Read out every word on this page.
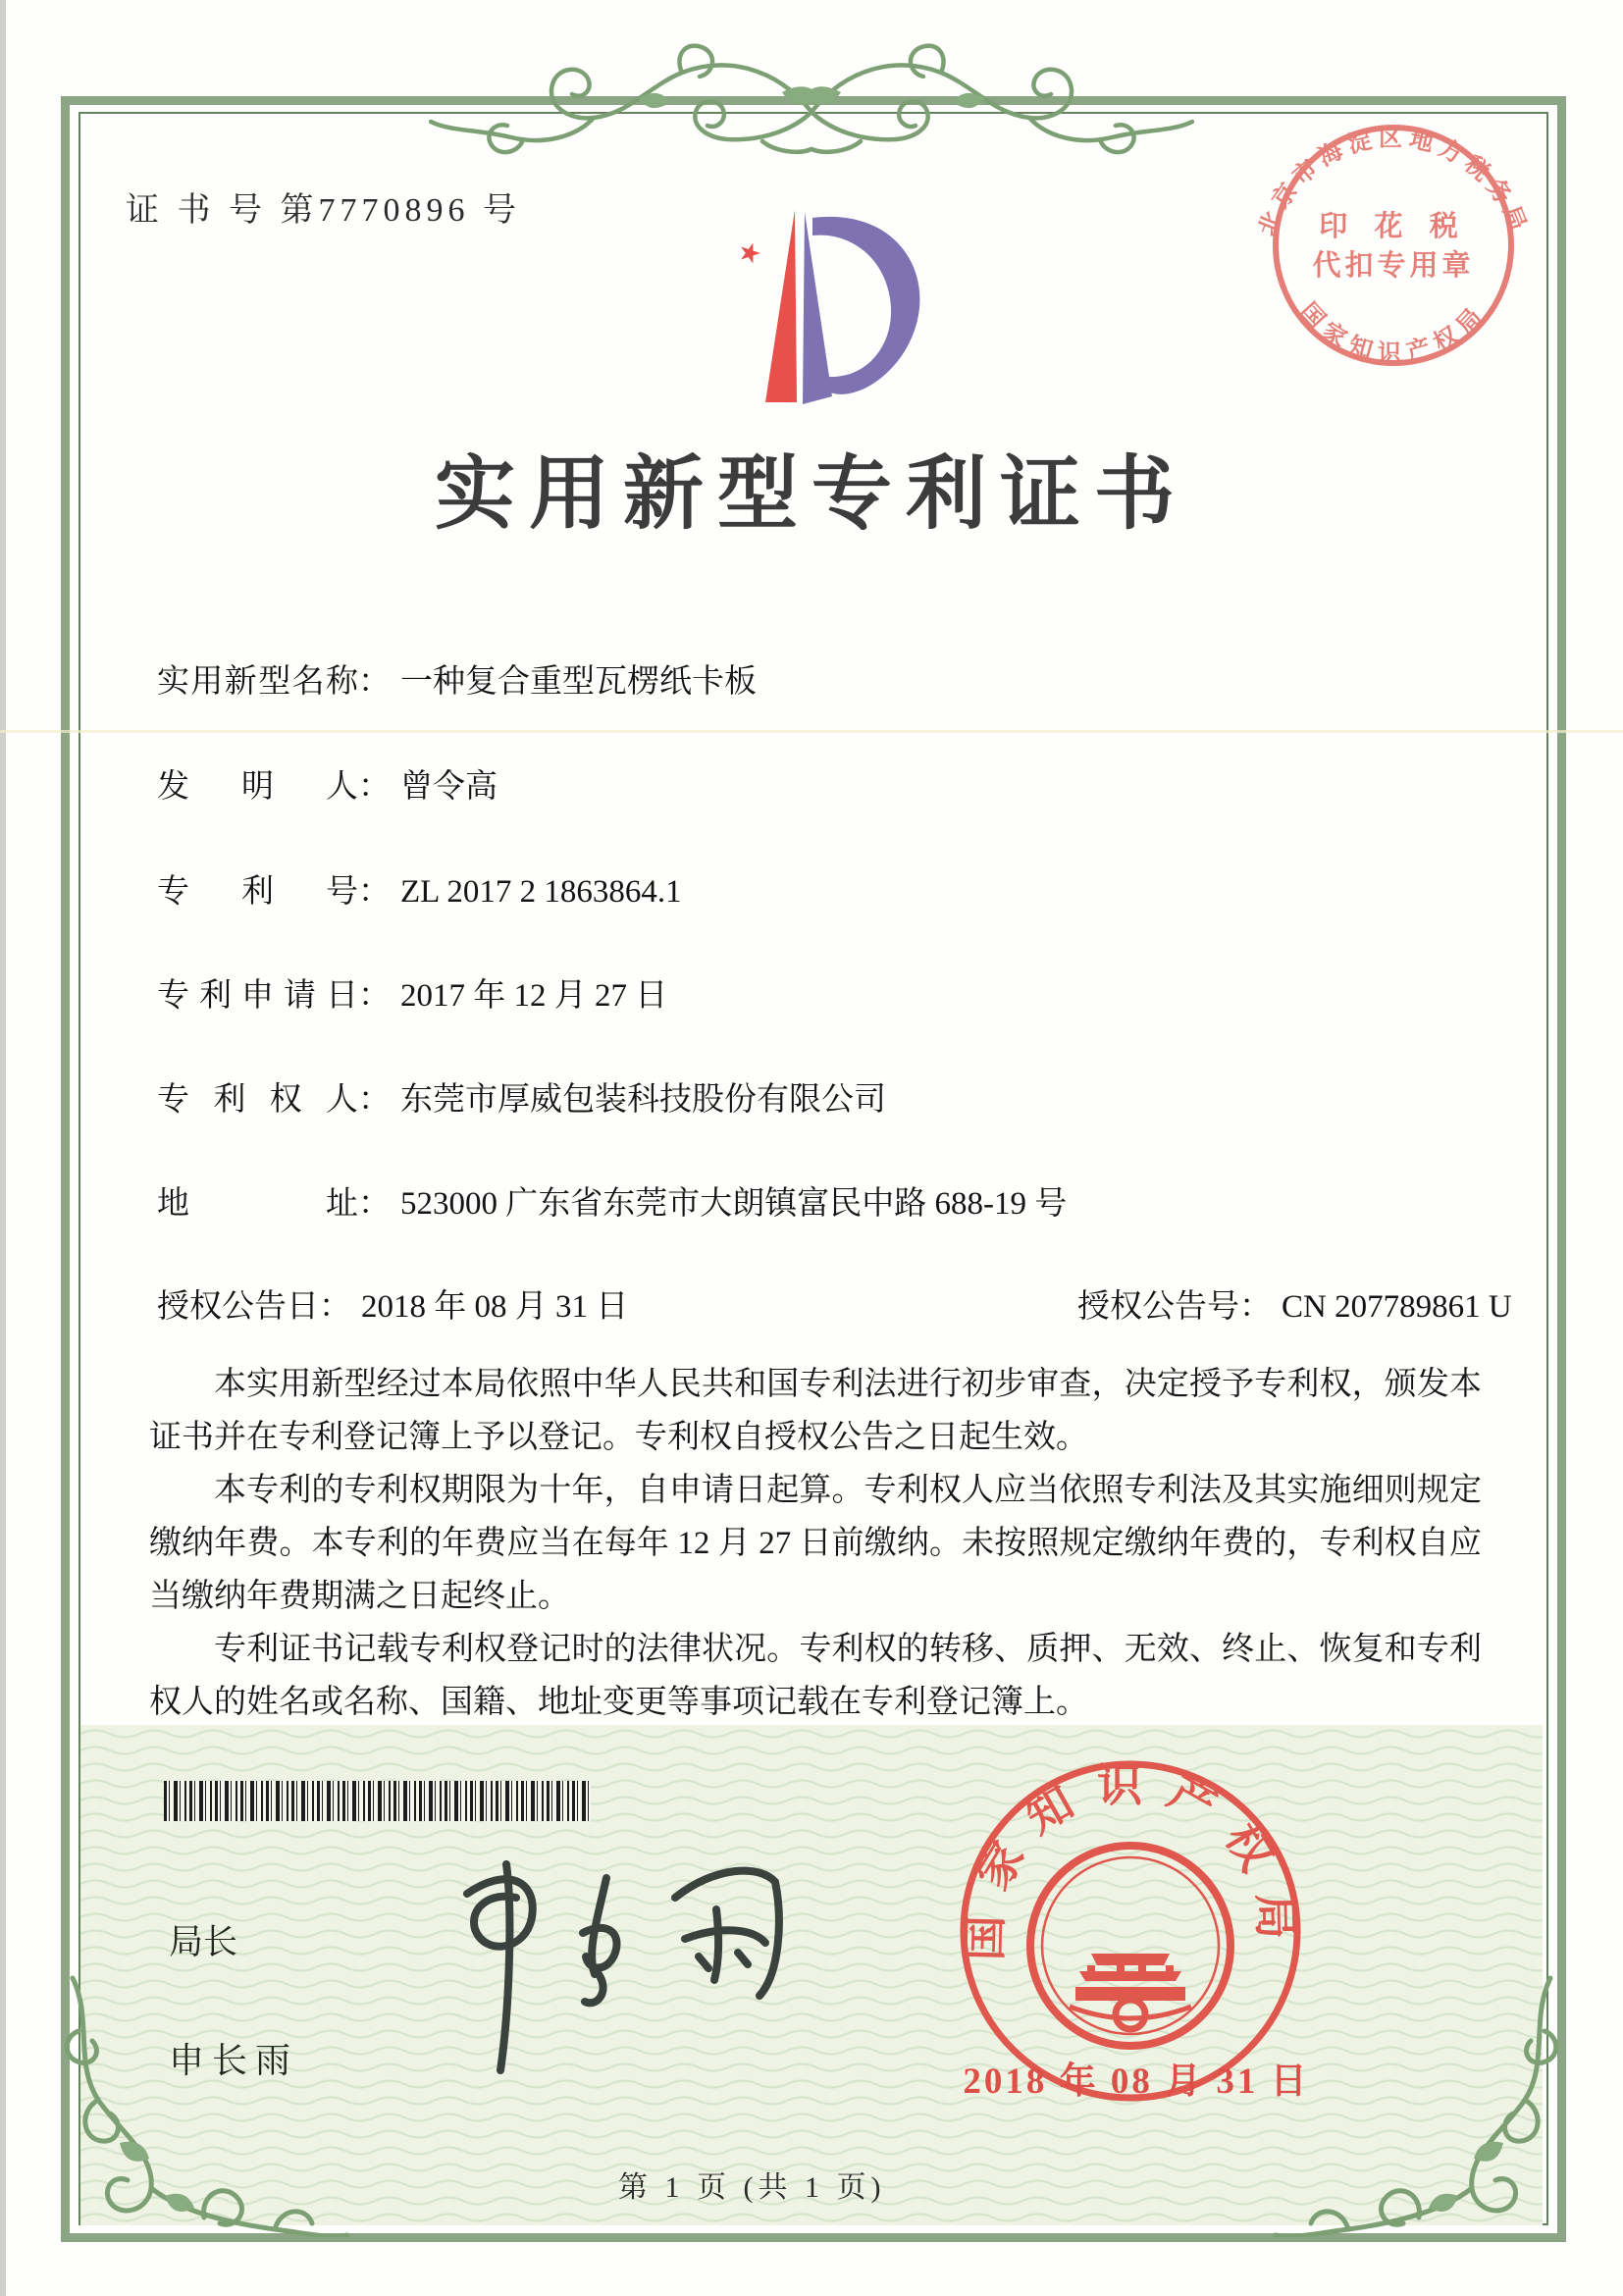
证 书 号 第7770896 号	北京市海淀区地方税务局
印 花 税
代扣专用章
国家知识产权局
实用新型专利证书
实用新型名称： 一种复合重型瓦楞纸卡板
发明人： 曾令高
专利号： ZL 2017 2 1863864.1
专利申请日： 2017 年 12 月 27 日
专利权人： 东莞市厚威包装科技股份有限公司
地址： 523000 广东省东莞市大朗镇富民中路 688-19 号
授权公告日： 2018 年 08 月 31 日	授权公告号： CN 207789861 U

本实用新型经过本局依照中华人民共和国专利法进行初步审查，决定授予专利权，颁发本证书并在专利登记簿上予以登记。专利权自授权公告之日起生效。

本专利的专利权期限为十年，自申请日起算。专利权人应当依照专利法及其实施细则规定缴纳年费。本专利的年费应当在每年 12 月 27 日前缴纳。未按照规定缴纳年费的，专利权自应当缴纳年费期满之日起终止。

专利证书记载专利权登记时的法律状况。专利权的转移、质押、无效、终止、恢复和专利权人的姓名或名称、国籍、地址变更等事项记载在专利登记簿上。

局长
申长雨
国家知识产权局
2018 年 08 月 31 日
第 1 页 (共 1 页)
